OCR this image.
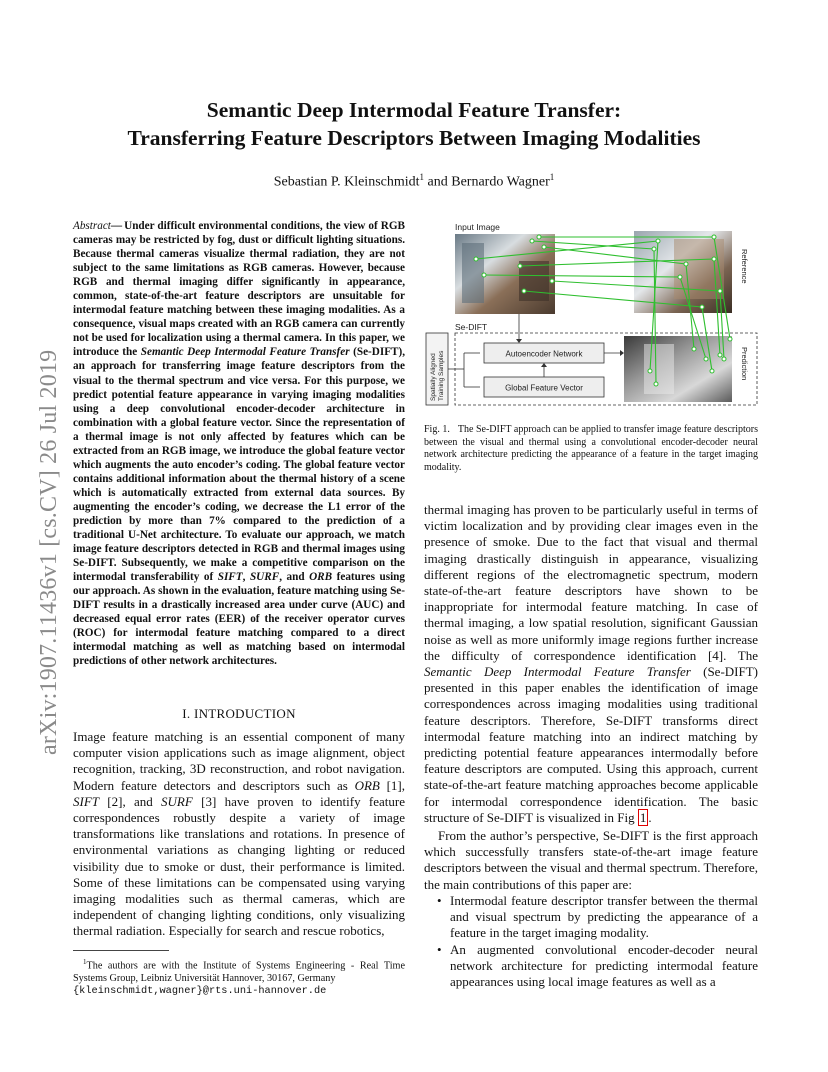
arXiv:1907.11436v1 [cs.CV] 26 Jul 2019
Semantic Deep Intermodal Feature Transfer:
Transferring Feature Descriptors Between Imaging Modalities
Sebastian P. Kleinschmidt$^1$ and Bernardo Wagner$^1$
Abstract — Under difficult environmental conditions, the view of RGB cameras may be restricted by fog, dust or difficult lighting situations. Because thermal cameras visualize thermal radiation, they are not subject to the same limitations as RGB cameras. However, because RGB and thermal imaging differ significantly in appearance, common, state-of-the-art feature descriptors are unsuitable for intermodal feature matching between these imaging modalities. As a consequence, visual maps created with an RGB camera can currently not be used for localization using a thermal camera. In this paper, we introduce the Semantic Deep Intermodal Feature Transfer (Se-DIFT), an approach for transferring image feature descriptors from the visual to the thermal spectrum and vice versa. For this purpose, we predict potential feature appearance in varying imaging modalities using a deep convolutional encoder-decoder architecture in combination with a global feature vector. Since the representation of a thermal image is not only affected by features which can be extracted from an RGB image, we introduce the global feature vector which augments the auto encoder’s coding. The global feature vector contains additional information about the thermal history of a scene which is automatically extracted from external data sources. By augmenting the encoder’s coding, we decrease the L1 error of the prediction by more than 7% compared to the prediction of a traditional U-Net architecture. To evaluate our approach, we match image feature descriptors detected in RGB and thermal images using Se-DIFT. Subsequently, we make a competitive comparison on the intermodal transferability of SIFT, SURF, and ORB features using our approach. As shown in the evaluation, feature matching using Se-DIFT results in a drastically increased area under curve (AUC) and decreased equal error rates (EER) of the receiver operator curves (ROC) for intermodal feature matching compared to a direct intermodal matching as well as matching based on intermodal predictions of other network architectures.
I. INTRODUCTION
Image feature matching is an essential component of many computer vision applications such as image alignment, object recognition, tracking, 3D reconstruction, and robot navigation. Modern feature detectors and descriptors such as ORB [1], SIFT [2], and SURF [3] have proven to identify feature correspondences robustly despite a variety of image transformations like translations and rotations. In presence of environmental variations as changing lighting or reduced visibility due to smoke or dust, their performance is limited. Some of these limitations can be compensated using varying imaging modalities such as thermal cameras, which are independent of changing lighting conditions, only visualizing thermal radiation. Especially for search and rescue robotics,
$^1$The authors are with the Institute of Systems Engineering - Real Time Systems Group, Leibniz Universität Hannover, 30167, Germany
{kleinschmidt,wagner}@rts.uni-hannover.de
Input Image
Se-DIFT
Spatially Aligned Training Samples	Autoencoder Network
Global Feature Vector
Reference
Prediction
Fig. 1. The Se-DIFT approach can be applied to transfer image feature descriptors between the visual and thermal using a convolutional encoder-decoder neural network architecture predicting the appearance of a feature in the target imaging modality.
thermal imaging has proven to be particularly useful in terms of victim localization and by providing clear images even in the presence of smoke. Due to the fact that visual and thermal imaging drastically distinguish in appearance, visualizing different regions of the electromagnetic spectrum, modern state-of-the-art feature descriptors have shown to be inappropriate for intermodal feature matching. In case of thermal imaging, a low spatial resolution, significant Gaussian noise as well as more uniformly image regions further increase the difficulty of correspondence identification [4]. The Semantic Deep Intermodal Feature Transfer (Se-DIFT) presented in this paper enables the identification of image correspondences across imaging modalities using traditional feature descriptors. Therefore, Se-DIFT transforms direct intermodal feature matching into an indirect matching by predicting potential feature appearances intermodally before feature descriptors are computed. Using this approach, current state-of-the-art feature matching approaches become applicable for intermodal correspondence identification. The basic structure of Se-DIFT is visualized in Fig 1 .
From the author’s perspective, Se-DIFT is the first approach which successfully transfers state-of-the-art image feature descriptors between the visual and thermal spectrum. Therefore, the main contributions of this paper are:
• Intermodal feature descriptor transfer between the thermal and visual spectrum by predicting the appearance of a feature in the target imaging modality.
• An augmented convolutional encoder-decoder neural network architecture for predicting intermodal feature appearances using local image features as well as a
